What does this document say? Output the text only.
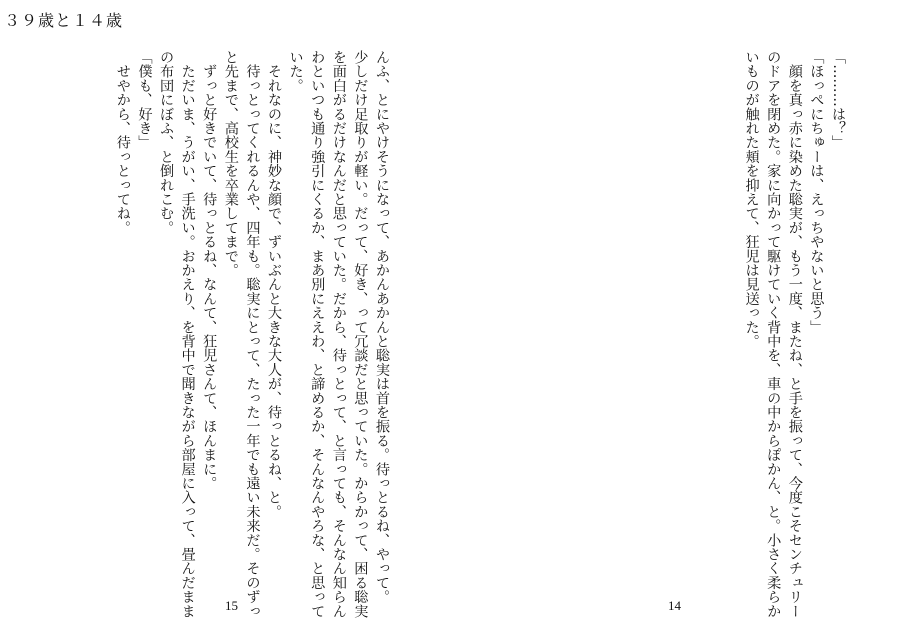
３９歳と１４歳
んふ、とにやけそうになって、あかんあかんと聡実は首を振る。待っとるね、やって。
少しだけ足取りが軽い。だって、好き、って冗談だと思っていた。からかって、困る聡実
を面白がるだけなんだと思っていた。だから、待っとって、と言っても、そんなん知らん
わといつも通り強引にくるか、まあ別にええわ、と諦めるか、そんなんやろな、と思って
いた。
　それなのに、神妙な顔で、ずいぶんと大きな大人が、待っとるね、と。
　待っとってくれるんや、四年も。聡実にとって、たった一年でも遠い未来だ。そのずっ
と先まで、高校生を卒業してまで。
　ずっと好きでいて、待っとるね、なんて、狂児さんて、ほんまに。
　ただいま、うがい、手洗い。おかえり、を背中で聞きながら部屋に入って、畳んだまま
の布団にぼふ、と倒れこむ。
「僕も、好き」
　せやから、待っとってね。
15
「………は？」
「ほっぺにちゅーは、えっちやないと思う」
　顔を真っ赤に染めた聡実が、もう一度、またね、と手を振って、今度こそセンチュリー
のドアを閉めた。家に向かって駆けていく背中を、車の中からぽかん、と。小さく柔らか
いものが触れた頬を抑えて、狂児は見送った。
14
